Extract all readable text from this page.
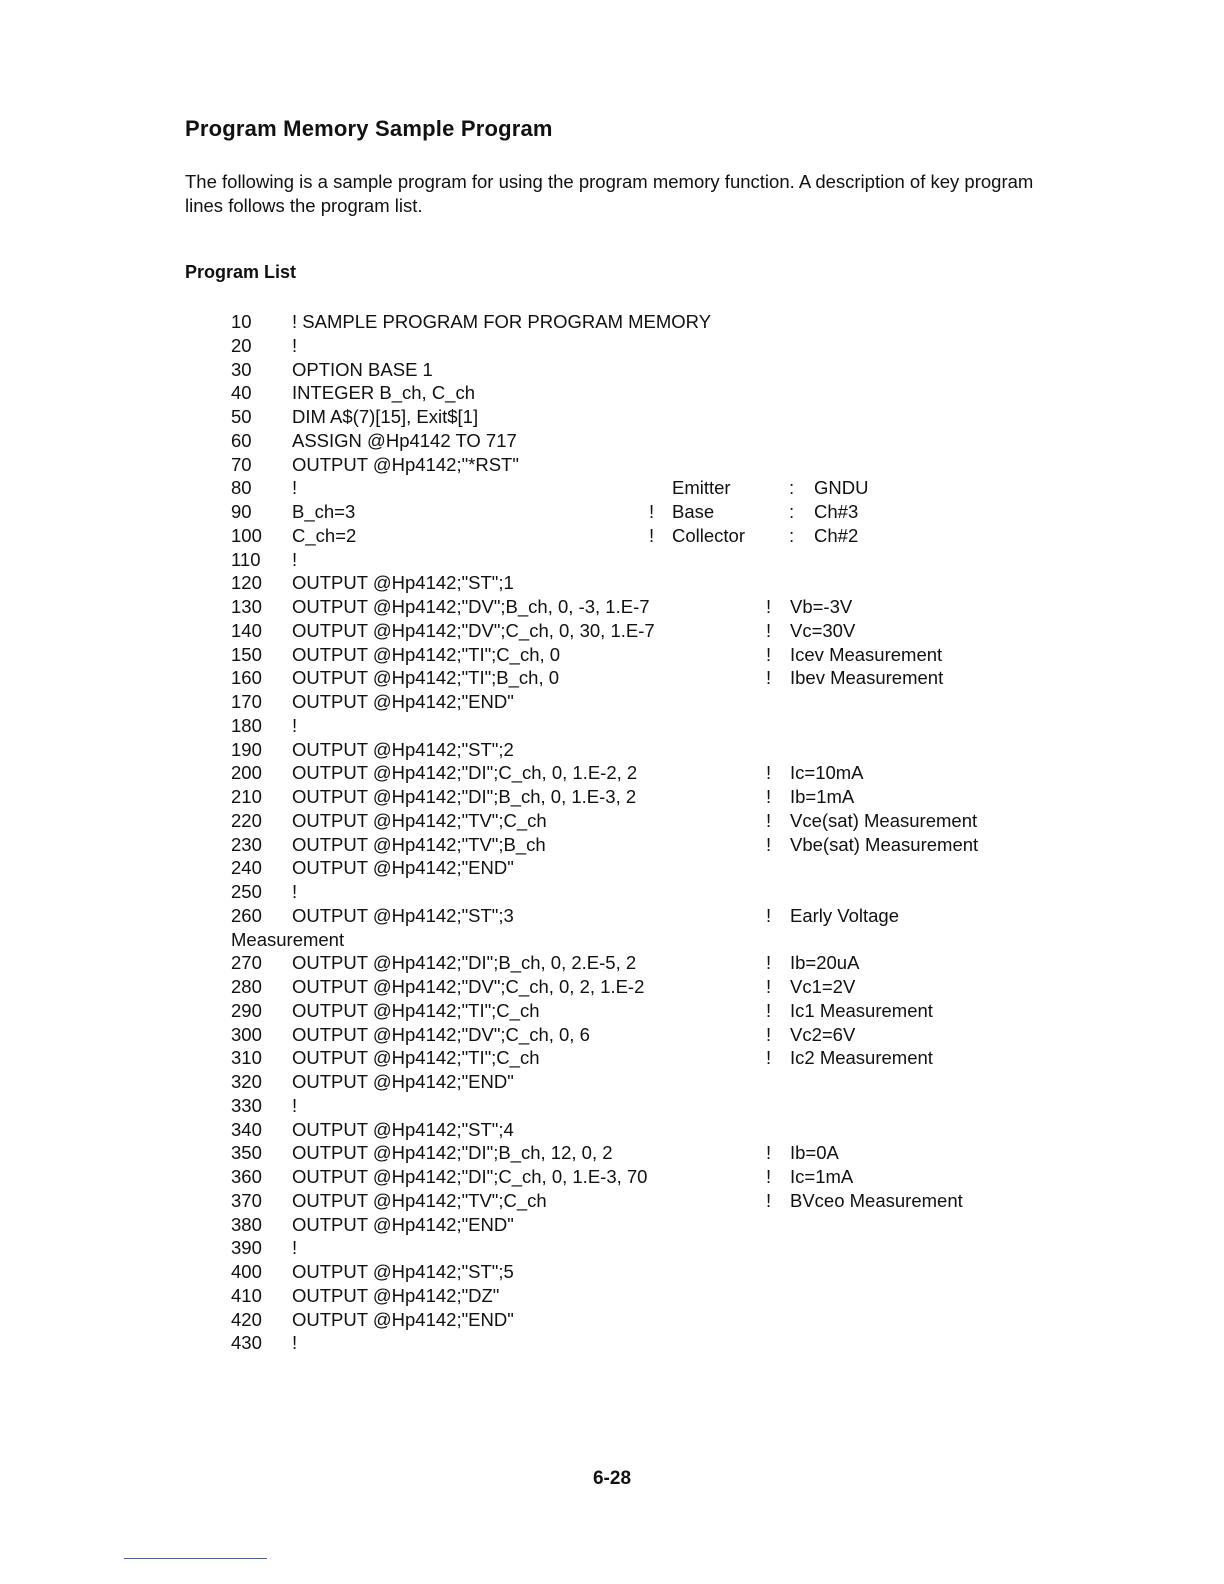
Program Memory Sample Program
The following is a sample program for using the program memory function. A description of key program lines follows the program list.
Program List
10	! SAMPLE PROGRAM FOR PROGRAM MEMORY
20	!
30	OPTION BASE 1
40	INTEGER B_ch, C_ch
50	DIM A$(7)[15], Exit$[1]
60	ASSIGN @Hp4142 TO 717
70	OUTPUT @Hp4142;"*RST"
80	!	Emitter	: GNDU
90	B_ch=3	! Base	: Ch#3
100	C_ch=2	! Collector : Ch#2
110	!
120	OUTPUT @Hp4142;"ST";1
130	OUTPUT @Hp4142;"DV";B_ch, 0, -3, 1.E-7	! Vb=-3V
140	OUTPUT @Hp4142;"DV";C_ch, 0, 30, 1.E-7	! Vc=30V
150	OUTPUT @Hp4142;"TI";C_ch, 0	! Icev Measurement
160	OUTPUT @Hp4142;"TI";B_ch, 0	! Ibev Measurement
170	OUTPUT @Hp4142;"END"
180	!
190	OUTPUT @Hp4142;"ST";2
200	OUTPUT @Hp4142;"DI";C_ch, 0, 1.E-2, 2	! Ic=10mA
210	OUTPUT @Hp4142;"DI";B_ch, 0, 1.E-3, 2	! Ib=1mA
220	OUTPUT @Hp4142;"TV";C_ch	! Vce(sat) Measurement
230	OUTPUT @Hp4142;"TV";B_ch	! Vbe(sat) Measurement
240	OUTPUT @Hp4142;"END"
250	!
260	OUTPUT @Hp4142;"ST";3	! Early Voltage
Measurement
270	OUTPUT @Hp4142;"DI";B_ch, 0, 2.E-5, 2	! Ib=20uA
280	OUTPUT @Hp4142;"DV";C_ch, 0, 2, 1.E-2	! Vc1=2V
290	OUTPUT @Hp4142;"TI";C_ch	! Ic1 Measurement
300	OUTPUT @Hp4142;"DV";C_ch, 0, 6	! Vc2=6V
310	OUTPUT @Hp4142;"TI";C_ch	! Ic2 Measurement
320	OUTPUT @Hp4142;"END"
330	!
340	OUTPUT @Hp4142;"ST";4
350	OUTPUT @Hp4142;"DI";B_ch, 12, 0, 2	! Ib=0A
360	OUTPUT @Hp4142;"DI";C_ch, 0, 1.E-3, 70	! Ic=1mA
370	OUTPUT @Hp4142;"TV";C_ch	! BVceo Measurement
380	OUTPUT @Hp4142;"END"
390	!
400	OUTPUT @Hp4142;"ST";5
410	OUTPUT @Hp4142;"DZ"
420	OUTPUT @Hp4142;"END"
430	!
6-28
